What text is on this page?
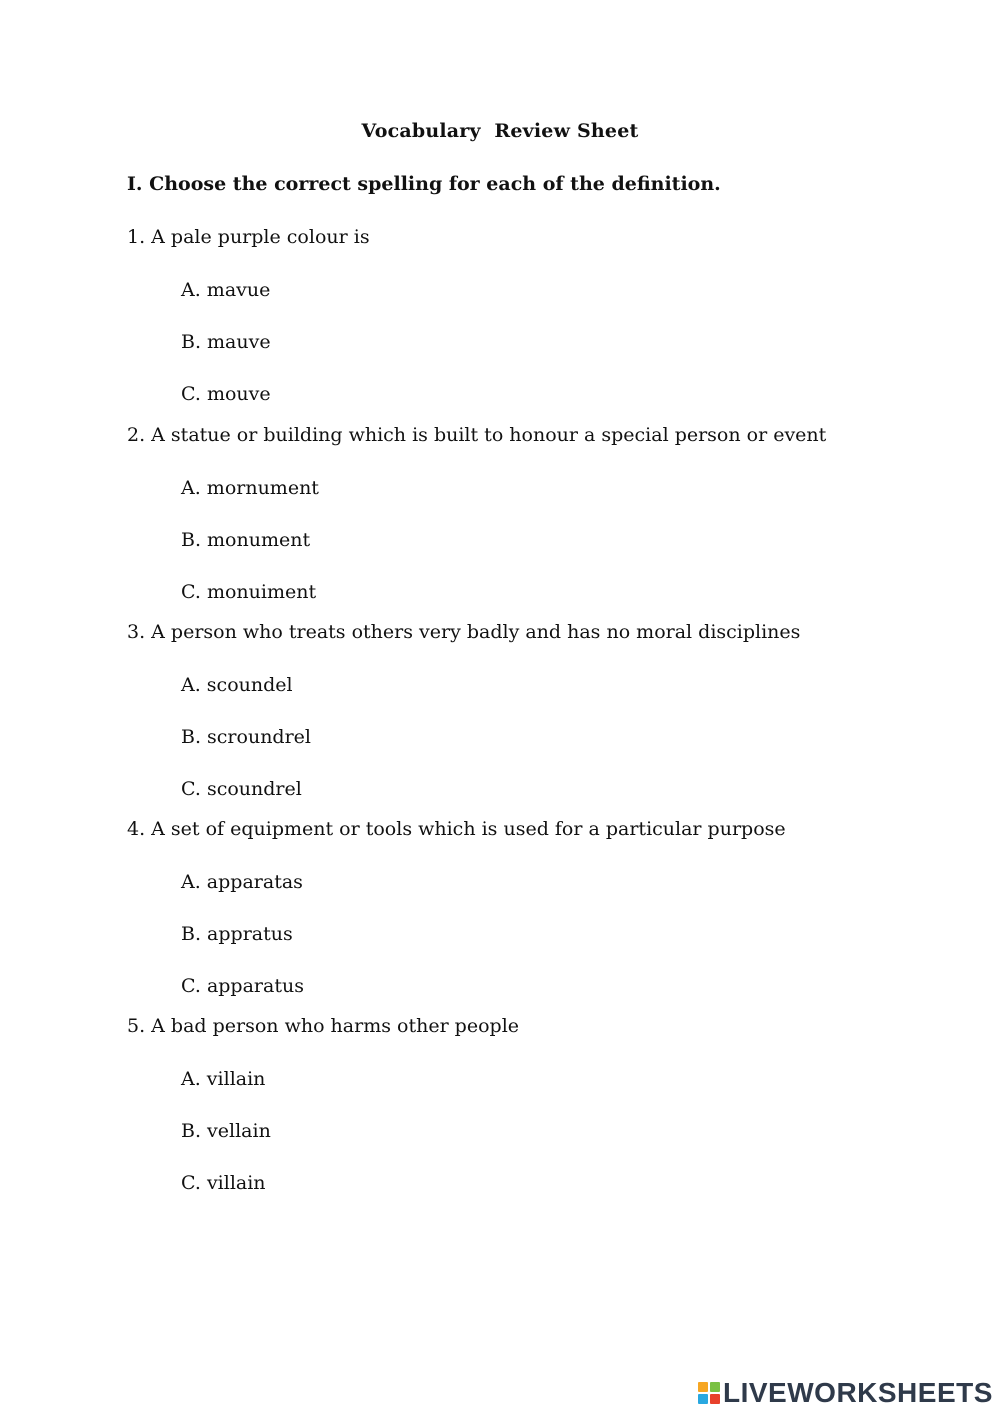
Vocabulary  Review Sheet
I. Choose the correct spelling for each of the definition.
1. A pale purple colour is
A. mavue
B. mauve
C. mouve
2. A statue or building which is built to honour a special person or event
A. mornument
B. monument
C. monuiment
3. A person who treats others very badly and has no moral disciplines
A. scoundel
B. scroundrel
C. scoundrel
4. A set of equipment or tools which is used for a particular purpose
A. apparatas
B. appratus
C. apparatus
5. A bad person who harms other people
A. villain
B. vellain
C. villain
LIVEWORKSHEETS
